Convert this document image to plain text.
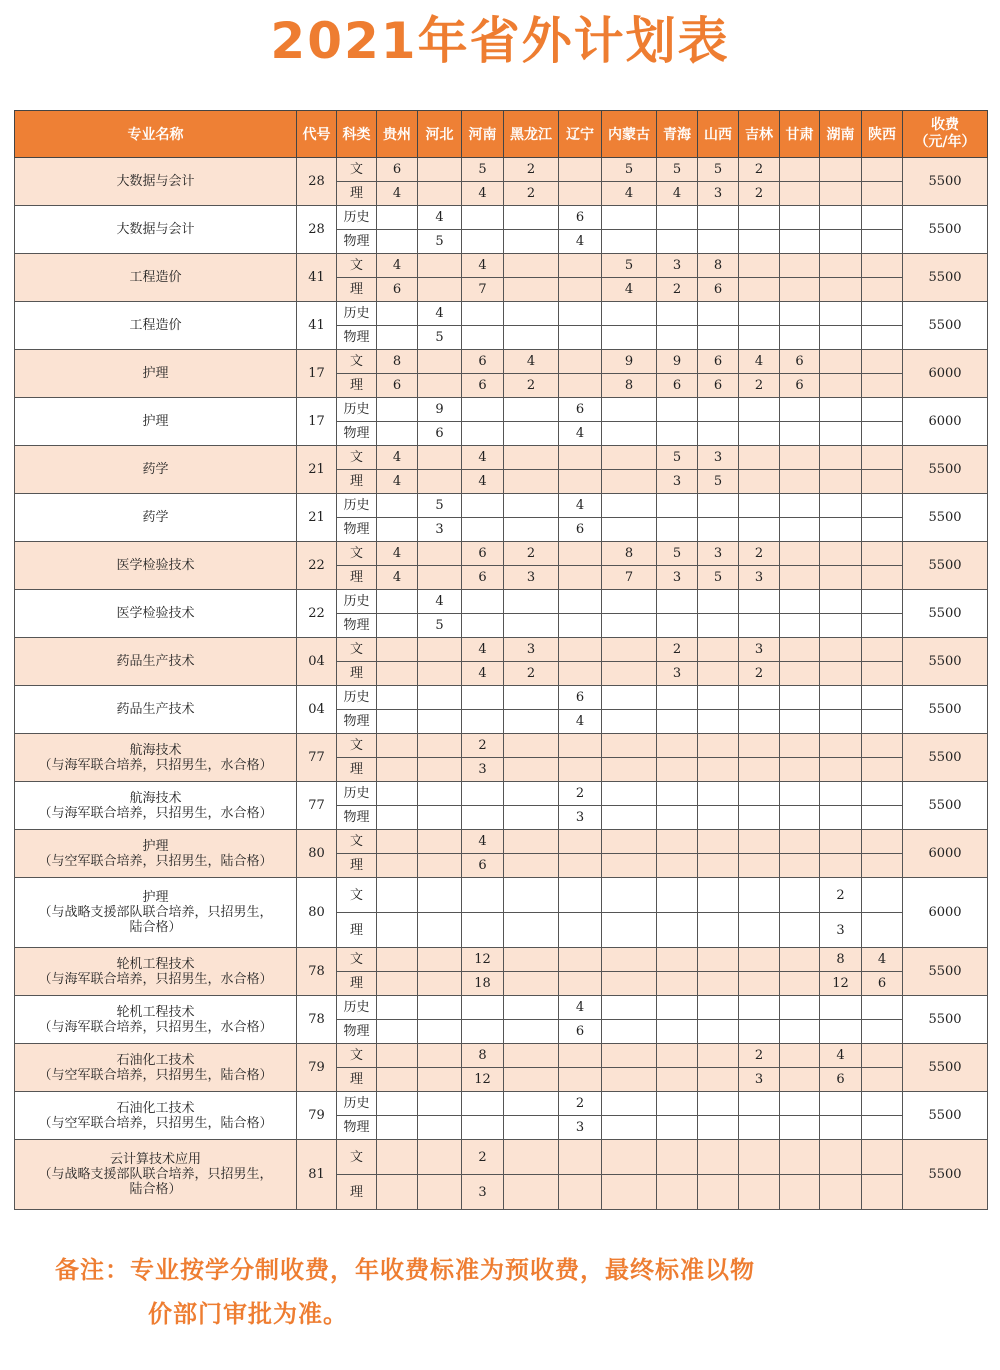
2021年省外计划表
专业名称	代号	科类	贵州	河北	河南	黑龙江	辽宁	内蒙古	青海	山西	吉林	甘肃	湖南	陕西	收费
（元/年）

大数据与会计	28	文	6		5	2		5	5	5	2				5500
		理	4		4	2		4	4	3	2				

大数据与会计	28	历史		4			6								5500
		物理		5			4								

工程造价	41	文	4		4			5	3	8					5500
		理	6		7			4	2	6					

工程造价	41	历史		4											5500
		物理		5											

护理	17	文	8		6	4		9	9	6	4	6			6000
		理	6		6	2		8	6	6	2	6			

护理	17	历史		9			6								6000
		物理		6			4								

药学	21	文	4		4				5	3					5500
		理	4		4				3	5					

药学	21	历史		5			4								5500
		物理		3			6								

医学检验技术	22	文	4		6	2		8	5	3	2				5500
		理	4		6	3		7	3	5	3				

医学检验技术	22	历史		4											5500
		物理		5											

药品生产技术	04	文			4	3			2		3				5500
		理			4	2			3		2				

药品生产技术	04	历史					6								5500
		物理					4								

航海技术
（与海军联合培养，只招男生，水合格）	77	文			2										5500
		理			3										

航海技术
（与海军联合培养，只招男生，水合格）	77	历史					2								5500
		物理					3								

护理
（与空军联合培养，只招男生，陆合格）	80	文			4										6000
		理			6										

护理
（与战略支援部队联合培养，只招男生，
陆合格）	80	文											2		6000
		理											3		

轮机工程技术
（与海军联合培养，只招男生，水合格）	78	文			12								8	4	5500
		理			18								12	6	

轮机工程技术
（与海军联合培养，只招男生，水合格）	78	历史					4								5500
		物理					6								

石油化工技术
（与空军联合培养，只招男生，陆合格）	79	文			8						2		4		5500
		理			12						3		6		

石油化工技术
（与空军联合培养，只招男生，陆合格）	79	历史					2								5500
		物理					3								

云计算技术应用
（与战略支援部队联合培养，只招男生，
陆合格）	81	文			2										5500
		理			3										
备注：专业按学分制收费，年收费标准为预收费，最终标准以物
价部门审批为准。
